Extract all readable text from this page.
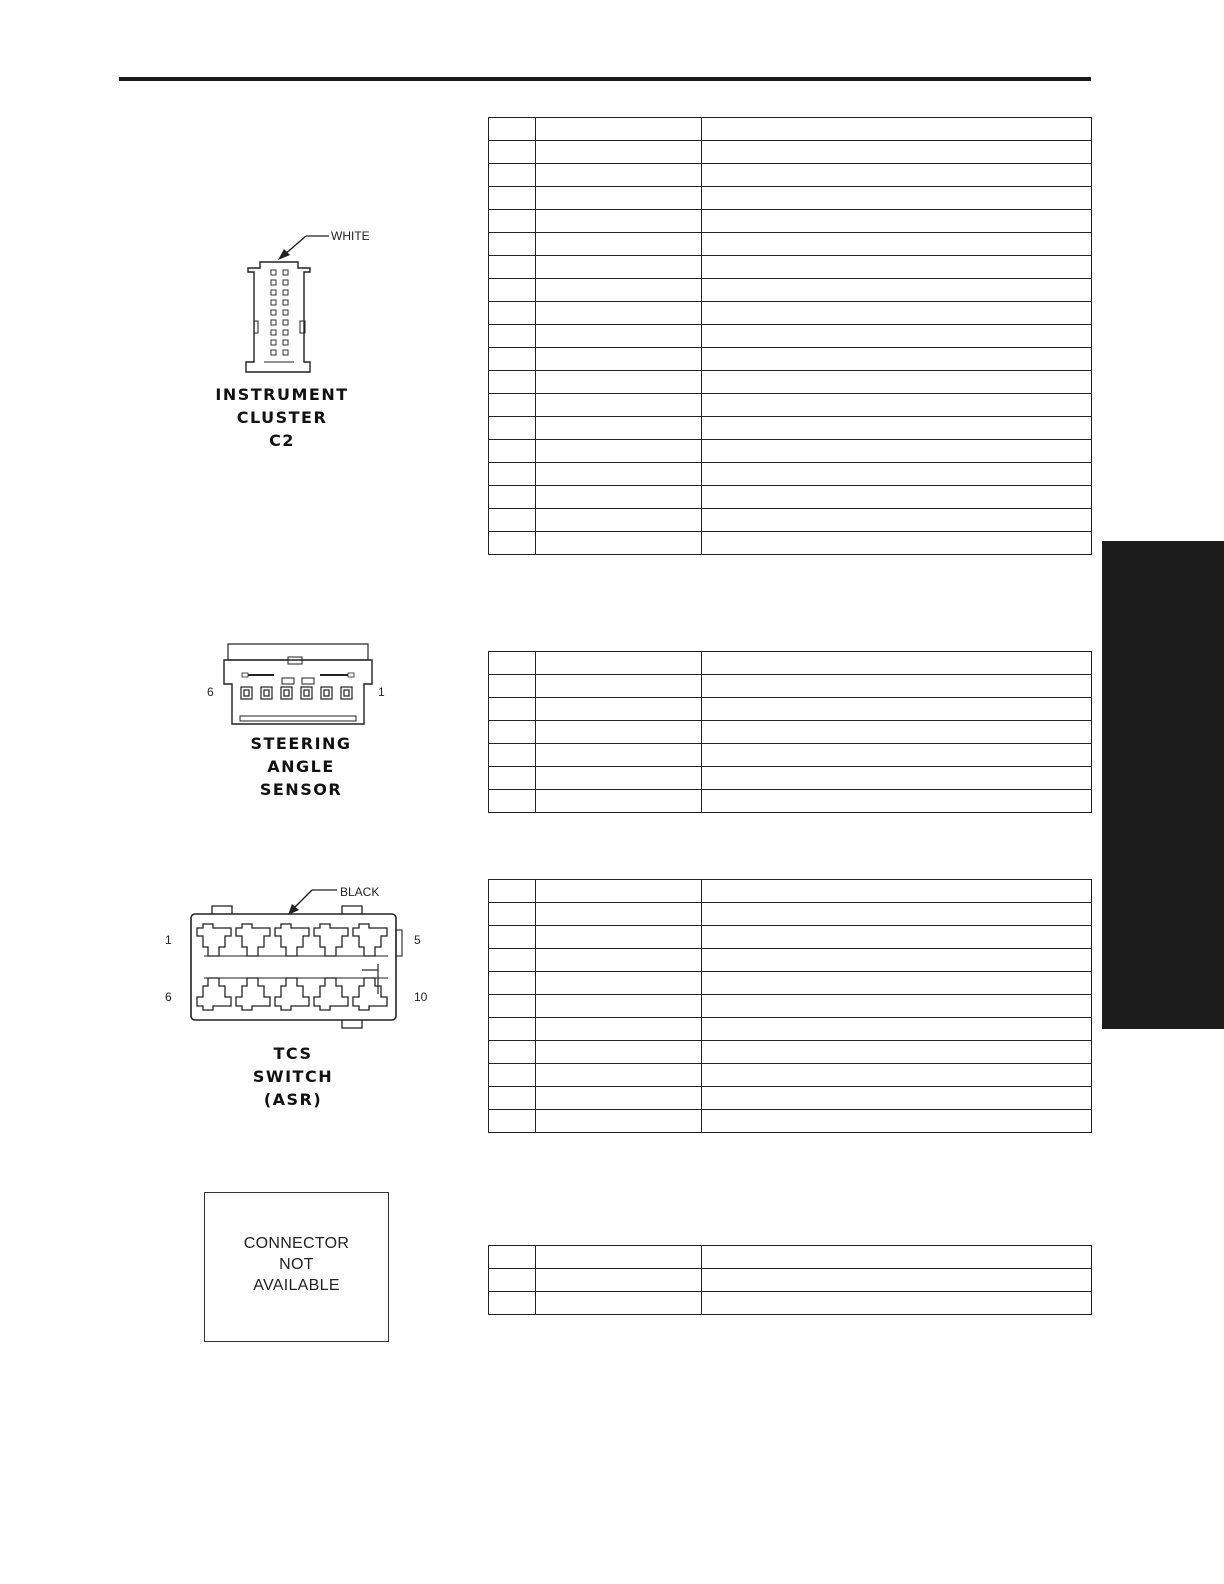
WHITE
INSTRUMENT
CLUSTER
C2

6	1
STEERING
ANGLE
SENSOR

BLACK
1	5
6	10
TCS
SWITCH
(ASR)

CONNECTOR
NOT
AVAILABLE
